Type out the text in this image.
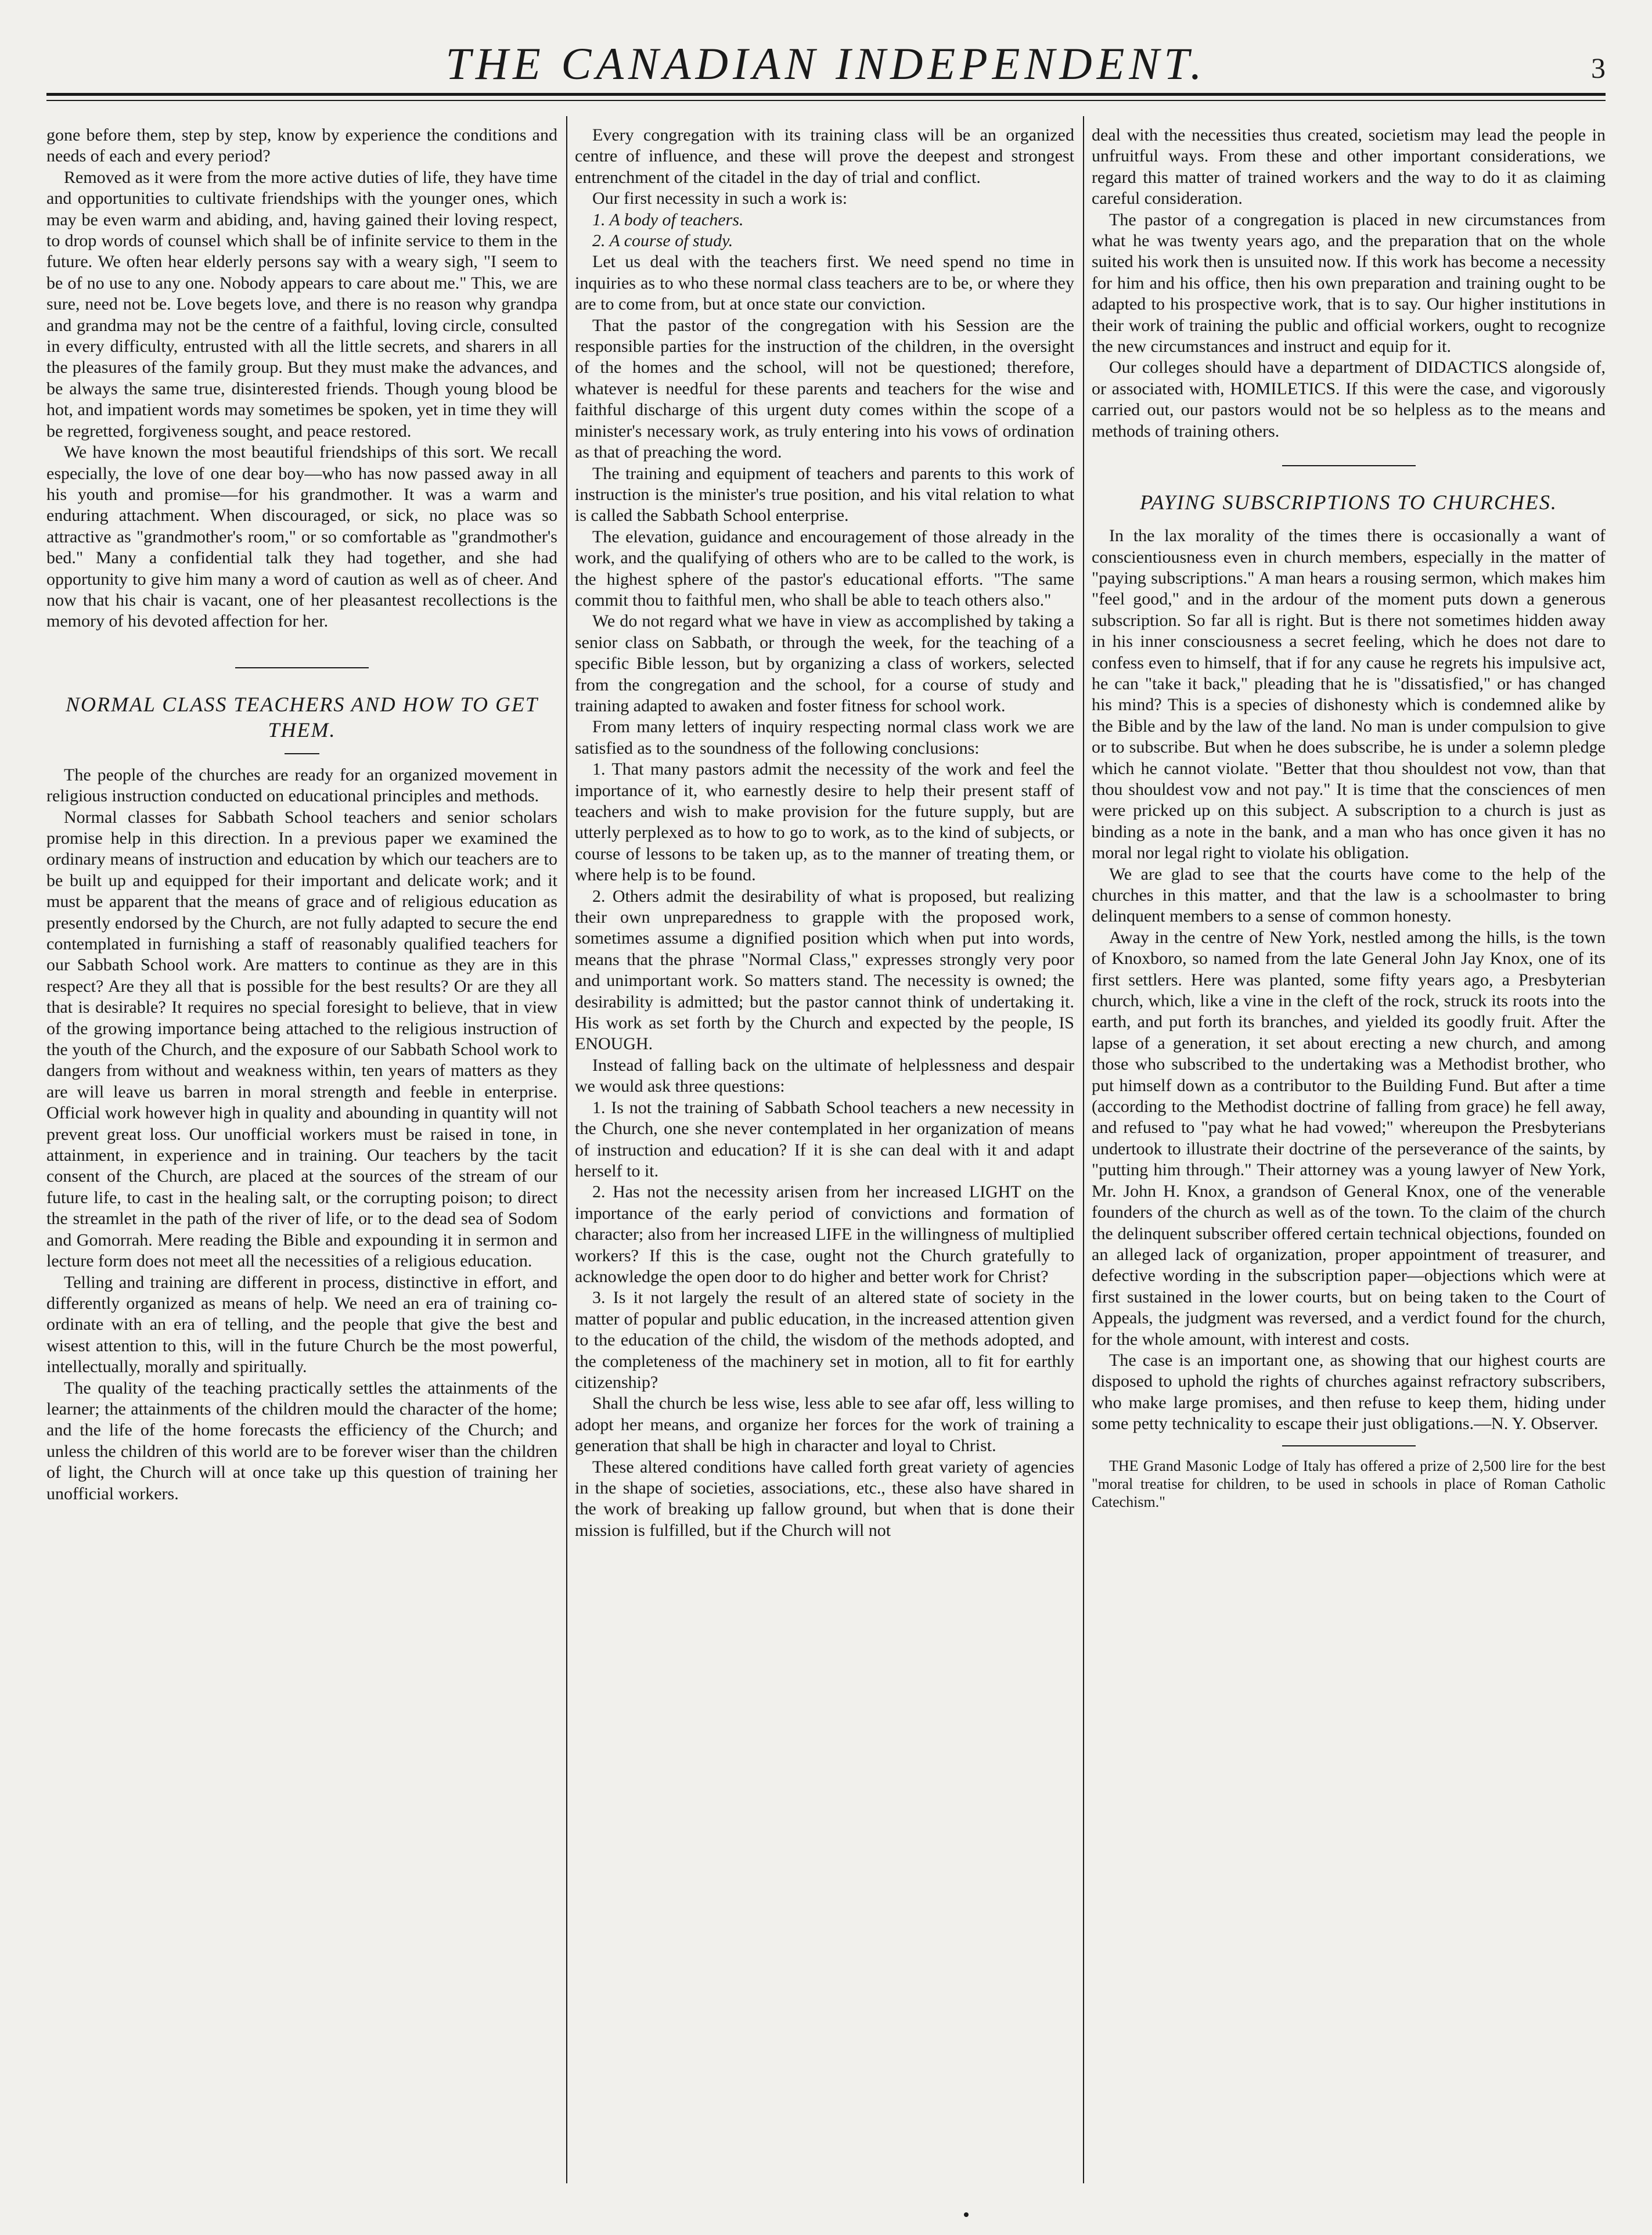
THE CANADIAN INDEPENDENT.	3

gone before them, step by step, know by experience the conditions and needs of each and every period?

Removed as it were from the more active duties of life, they have time and opportunities to cultivate friendships with the younger ones, which may be even warm and abiding, and, having gained their loving respect, to drop words of counsel which shall be of infinite service to them in the future. We often hear elderly persons say with a weary sigh, "I seem to be of no use to any one. Nobody appears to care about me." This, we are sure, need not be. Love begets love, and there is no reason why grandpa and grandma may not be the centre of a faithful, loving circle, consulted in every difficulty, entrusted with all the little secrets, and sharers in all the pleasures of the family group. But they must make the advances, and be always the same true, disinterested friends. Though young blood be hot, and impatient words may sometimes be spoken, yet in time they will be regretted, forgiveness sought, and peace restored.

We have known the most beautiful friendships of this sort. We recall especially, the love of one dear boy—who has now passed away in all his youth and promise—for his grandmother. It was a warm and enduring attachment. When discouraged, or sick, no place was so attractive as "grandmother's room," or so comfortable as "grandmother's bed." Many a confidential talk they had together, and she had opportunity to give him many a word of caution as well as of cheer. And now that his chair is vacant, one of her pleasantest recollections is the memory of his devoted affection for her.

NORMAL CLASS TEACHERS AND HOW TO GET THEM.

The people of the churches are ready for an organized movement in religious instruction conducted on educational principles and methods.

Normal classes for Sabbath School teachers and senior scholars promise help in this direction. In a previous paper we examined the ordinary means of instruction and education by which our teachers are to be built up and equipped for their important and delicate work; and it must be apparent that the means of grace and of religious education as presently endorsed by the Church, are not fully adapted to secure the end contemplated in furnishing a staff of reasonably qualified teachers for our Sabbath School work. Are matters to continue as they are in this respect? Are they all that is possible for the best results? Or are they all that is desirable? It requires no special foresight to believe, that in view of the growing importance being attached to the religious instruction of the youth of the Church, and the exposure of our Sabbath School work to dangers from without and weakness within, ten years of matters as they are will leave us barren in moral strength and feeble in enterprise. Official work however high in quality and abounding in quantity will not prevent great loss. Our unofficial workers must be raised in tone, in attainment, in experience and in training. Our teachers by the tacit consent of the Church, are placed at the sources of the stream of our future life, to cast in the healing salt, or the corrupting poison; to direct the streamlet in the path of the river of life, or to the dead sea of Sodom and Gomorrah. Mere reading the Bible and expounding it in sermon and lecture form does not meet all the necessities of a religious education.

Telling and training are different in process, distinctive in effort, and differently organized as means of help. We need an era of training co-ordinate with an era of telling, and the people that give the best and wisest attention to this, will in the future Church be the most powerful, intellectually, morally and spiritually.

The quality of the teaching practically settles the attainments of the learner; the attainments of the children mould the character of the home; and the life of the home forecasts the efficiency of the Church; and unless the children of this world are to be forever wiser than the children of light, the Church will at once take up this question of training her unofficial workers.

Every congregation with its training class will be an organized centre of influence, and these will prove the deepest and strongest entrenchment of the citadel in the day of trial and conflict.

Our first necessity in such a work is:

1. A body of teachers.

2. A course of study.

Let us deal with the teachers first. We need spend no time in inquiries as to who these normal class teachers are to be, or where they are to come from, but at once state our conviction.

That the pastor of the congregation with his Session are the responsible parties for the instruction of the children, in the oversight of the homes and the school, will not be questioned; therefore, whatever is needful for these parents and teachers for the wise and faithful discharge of this urgent duty comes within the scope of a minister's necessary work, as truly entering into his vows of ordination as that of preaching the word.

The training and equipment of teachers and parents to this work of instruction is the minister's true position, and his vital relation to what is called the Sabbath School enterprise.

The elevation, guidance and encouragement of those already in the work, and the qualifying of others who are to be called to the work, is the highest sphere of the pastor's educational efforts. "The same commit thou to faithful men, who shall be able to teach others also."

We do not regard what we have in view as accomplished by taking a senior class on Sabbath, or through the week, for the teaching of a specific Bible lesson, but by organizing a class of workers, selected from the congregation and the school, for a course of study and training adapted to awaken and foster fitness for school work.

From many letters of inquiry respecting normal class work we are satisfied as to the soundness of the following conclusions:

1. That many pastors admit the necessity of the work and feel the importance of it, who earnestly desire to help their present staff of teachers and wish to make provision for the future supply, but are utterly perplexed as to how to go to work, as to the kind of subjects, or course of lessons to be taken up, as to the manner of treating them, or where help is to be found.

2. Others admit the desirability of what is proposed, but realizing their own unpreparedness to grapple with the proposed work, sometimes assume a dignified position which when put into words, means that the phrase "Normal Class," expresses strongly very poor and unimportant work. So matters stand. The necessity is owned; the desirability is admitted; but the pastor cannot think of undertaking it. His work as set forth by the Church and expected by the people, IS ENOUGH.

Instead of falling back on the ultimate of helplessness and despair we would ask three questions:

1. Is not the training of Sabbath School teachers a new necessity in the Church, one she never contemplated in her organization of means of instruction and education? If it is she can deal with it and adapt herself to it.

2. Has not the necessity arisen from her increased LIGHT on the importance of the early period of convictions and formation of character; also from her increased LIFE in the willingness of multiplied workers? If this is the case, ought not the Church gratefully to acknowledge the open door to do higher and better work for Christ?

3. Is it not largely the result of an altered state of society in the matter of popular and public education, in the increased attention given to the education of the child, the wisdom of the methods adopted, and the completeness of the machinery set in motion, all to fit for earthly citizenship?

Shall the church be less wise, less able to see afar off, less willing to adopt her means, and organize her forces for the work of training a generation that shall be high in character and loyal to Christ.

These altered conditions have called forth great variety of agencies in the shape of societies, associations, etc., these also have shared in the work of breaking up fallow ground, but when that is done their mission is fulfilled, but if the Church will not

deal with the necessities thus created, societism may lead the people in unfruitful ways. From these and other important considerations, we regard this matter of trained workers and the way to do it as claiming careful consideration.

The pastor of a congregation is placed in new circumstances from what he was twenty years ago, and the preparation that on the whole suited his work then is unsuited now. If this work has become a necessity for him and his office, then his own preparation and training ought to be adapted to his prospective work, that is to say. Our higher institutions in their work of training the public and official workers, ought to recognize the new circumstances and instruct and equip for it.

Our colleges should have a department of DIDACTICS alongside of, or associated with, HOMILETICS. If this were the case, and vigorously carried out, our pastors would not be so helpless as to the means and methods of training others.

PAYING SUBSCRIPTIONS TO CHURCHES.

In the lax morality of the times there is occasionally a want of conscientiousness even in church members, especially in the matter of "paying subscriptions." A man hears a rousing sermon, which makes him "feel good," and in the ardour of the moment puts down a generous subscription. So far all is right. But is there not sometimes hidden away in his inner consciousness a secret feeling, which he does not dare to confess even to himself, that if for any cause he regrets his impulsive act, he can "take it back," pleading that he is "dissatisfied," or has changed his mind? This is a species of dishonesty which is condemned alike by the Bible and by the law of the land. No man is under compulsion to give or to subscribe. But when he does subscribe, he is under a solemn pledge which he cannot violate. "Better that thou shouldest not vow, than that thou shouldest vow and not pay." It is time that the consciences of men were pricked up on this subject. A subscription to a church is just as binding as a note in the bank, and a man who has once given it has no moral nor legal right to violate his obligation.

We are glad to see that the courts have come to the help of the churches in this matter, and that the law is a schoolmaster to bring delinquent members to a sense of common honesty.

Away in the centre of New York, nestled among the hills, is the town of Knoxboro, so named from the late General John Jay Knox, one of its first settlers. Here was planted, some fifty years ago, a Presbyterian church, which, like a vine in the cleft of the rock, struck its roots into the earth, and put forth its branches, and yielded its goodly fruit. After the lapse of a generation, it set about erecting a new church, and among those who subscribed to the undertaking was a Methodist brother, who put himself down as a contributor to the Building Fund. But after a time (according to the Methodist doctrine of falling from grace) he fell away, and refused to "pay what he had vowed;" whereupon the Presbyterians undertook to illustrate their doctrine of the perseverance of the saints, by "putting him through." Their attorney was a young lawyer of New York, Mr. John H. Knox, a grandson of General Knox, one of the venerable founders of the church as well as of the town. To the claim of the church the delinquent subscriber offered certain technical objections, founded on an alleged lack of organization, proper appointment of treasurer, and defective wording in the subscription paper—objections which were at first sustained in the lower courts, but on being taken to the Court of Appeals, the judgment was reversed, and a verdict found for the church, for the whole amount, with interest and costs.

The case is an important one, as showing that our highest courts are disposed to uphold the rights of churches against refractory subscribers, who make large promises, and then refuse to keep them, hiding under some petty technicality to escape their just obligations.—N. Y. Observer.

THE Grand Masonic Lodge of Italy has offered a prize of 2,500 lire for the best "moral treatise for children, to be used in schools in place of Roman Catholic Catechism."
